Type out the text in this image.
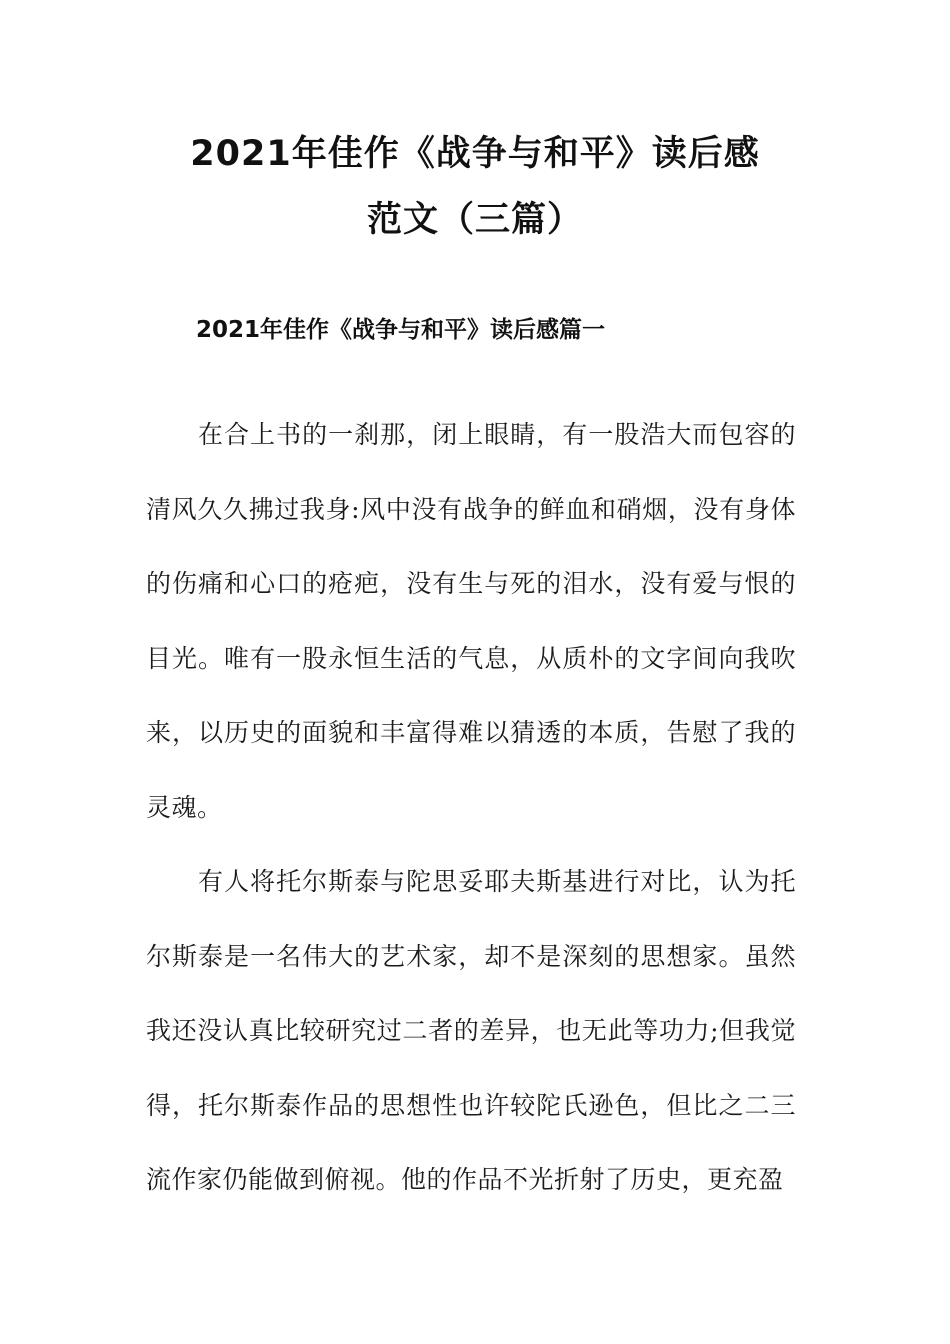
2021年佳作《战争与和平》读后感
范文（三篇）
2021年佳作《战争与和平》读后感篇一

在合上书的一刹那，闭上眼睛，有一股浩大而包容的清风久久拂过我身:风中没有战争的鲜血和硝烟，没有身体的伤痛和心口的疮疤，没有生与死的泪水，没有爱与恨的目光。唯有一股永恒生活的气息，从质朴的文字间向我吹来，以历史的面貌和丰富得难以猜透的本质，告慰了我的灵魂。

有人将托尔斯泰与陀思妥耶夫斯基进行对比，认为托尔斯泰是一名伟大的艺术家，却不是深刻的思想家。虽然我还没认真比较研究过二者的差异，也无此等功力;但我觉得，托尔斯泰作品的思想性也许较陀氏逊色，但比之二三流作家仍能做到俯视。他的作品不光折射了历史，更充盈
